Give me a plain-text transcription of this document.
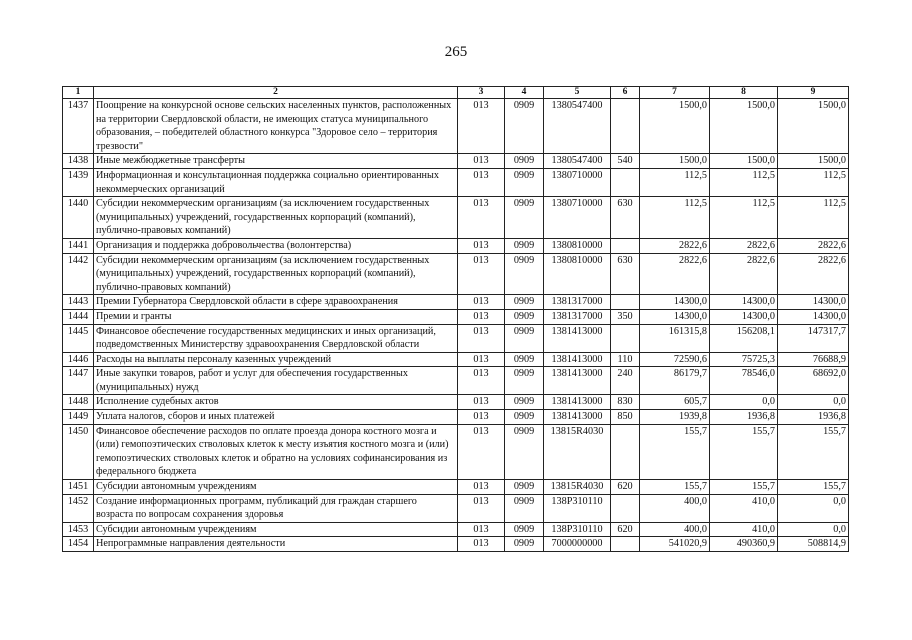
265
1	2	3	4	5	6	7	8	9
1437	Поощрение на конкурсной основе сельских населенных пунктов, расположенных на территории Свердловской области, не имеющих статуса муниципального образования, – победителей областного конкурса "Здоровое село – территория трезвости"	013	0909	1380547400		1500,0	1500,0	1500,0
1438	Иные межбюджетные трансферты	013	0909	1380547400	540	1500,0	1500,0	1500,0
1439	Информационная и консультационная поддержка социально ориентированных некоммерческих организаций	013	0909	1380710000		112,5	112,5	112,5
1440	Субсидии некоммерческим организациям (за исключением государственных (муниципальных) учреждений, государственных корпораций (компаний), публично-правовых компаний)	013	0909	1380710000	630	112,5	112,5	112,5
1441	Организация и поддержка добровольчества (волонтерства)	013	0909	1380810000		2822,6	2822,6	2822,6
1442	Субсидии некоммерческим организациям (за исключением государственных (муниципальных) учреждений, государственных корпораций (компаний), публично-правовых компаний)	013	0909	1380810000	630	2822,6	2822,6	2822,6
1443	Премии Губернатора Свердловской области в сфере здравоохранения	013	0909	1381317000		14300,0	14300,0	14300,0
1444	Премии и гранты	013	0909	1381317000	350	14300,0	14300,0	14300,0
1445	Финансовое обеспечение государственных медицинских и иных организаций, подведомственных Министерству здравоохранения Свердловской области	013	0909	1381413000		161315,8	156208,1	147317,7
1446	Расходы на выплаты персоналу казенных учреждений	013	0909	1381413000	110	72590,6	75725,3	76688,9
1447	Иные закупки товаров, работ и услуг для обеспечения государственных (муниципальных) нужд	013	0909	1381413000	240	86179,7	78546,0	68692,0
1448	Исполнение судебных актов	013	0909	1381413000	830	605,7	0,0	0,0
1449	Уплата налогов, сборов и иных платежей	013	0909	1381413000	850	1939,8	1936,8	1936,8
1450	Финансовое обеспечение расходов по оплате проезда донора костного мозга и (или) гемопоэтических стволовых клеток к месту изъятия костного мозга и (или) гемопоэтических стволовых клеток и обратно на условиях софинансирования из федерального бюджета	013	0909	13815R4030		155,7	155,7	155,7
1451	Субсидии автономным учреждениям	013	0909	13815R4030	620	155,7	155,7	155,7
1452	Создание информационных программ, публикаций для граждан старшего возраста по вопросам сохранения здоровья	013	0909	138P310110		400,0	410,0	0,0
1453	Субсидии автономным учреждениям	013	0909	138P310110	620	400,0	410,0	0,0
1454	Непрограммные направления деятельности	013	0909	7000000000		541020,9	490360,9	508814,9
